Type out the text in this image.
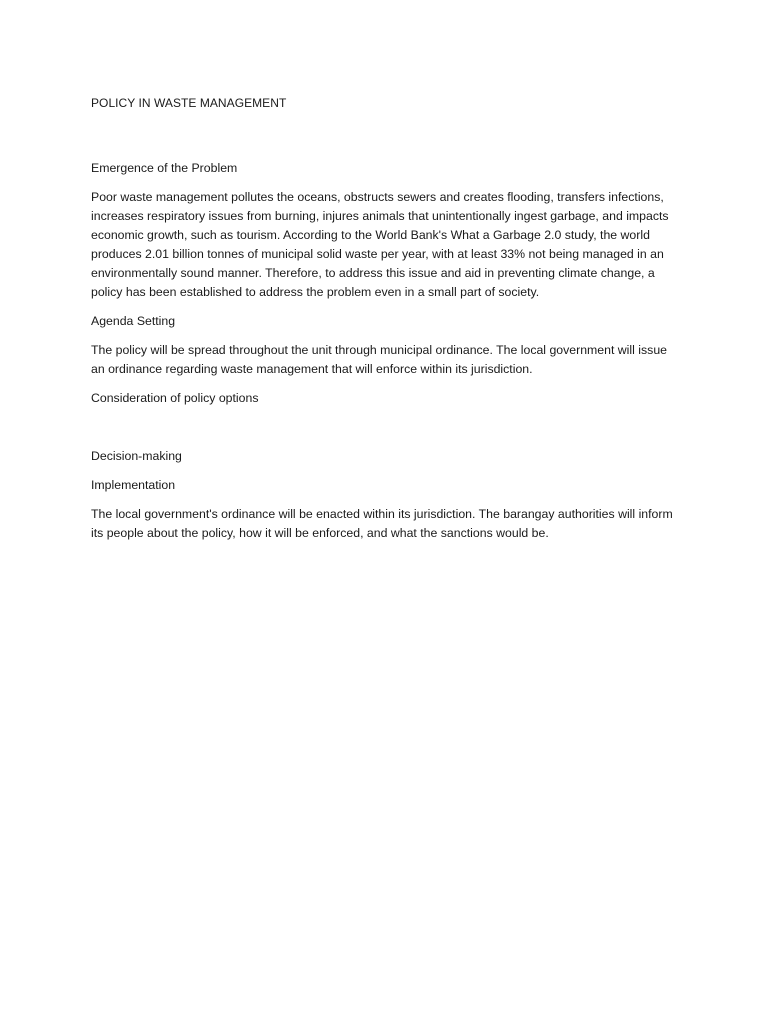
POLICY IN WASTE MANAGEMENT

Emergence of the Problem

Poor waste management pollutes the oceans, obstructs sewers and creates flooding, transfers infections, increases respiratory issues from burning, injures animals that unintentionally ingest garbage, and impacts economic growth, such as tourism. According to the World Bank's What a Garbage 2.0 study, the world produces 2.01 billion tonnes of municipal solid waste per year, with at least 33% not being managed in an environmentally sound manner. Therefore, to address this issue and aid in preventing climate change, a policy has been established to address the problem even in a small part of society.

Agenda Setting

The policy will be spread throughout the unit through municipal ordinance. The local government will issue an ordinance regarding waste management that will enforce within its jurisdiction.

Consideration of policy options

Decision-making

Implementation

The local government's ordinance will be enacted within its jurisdiction. The barangay authorities will inform its people about the policy, how it will be enforced, and what the sanctions would be.
